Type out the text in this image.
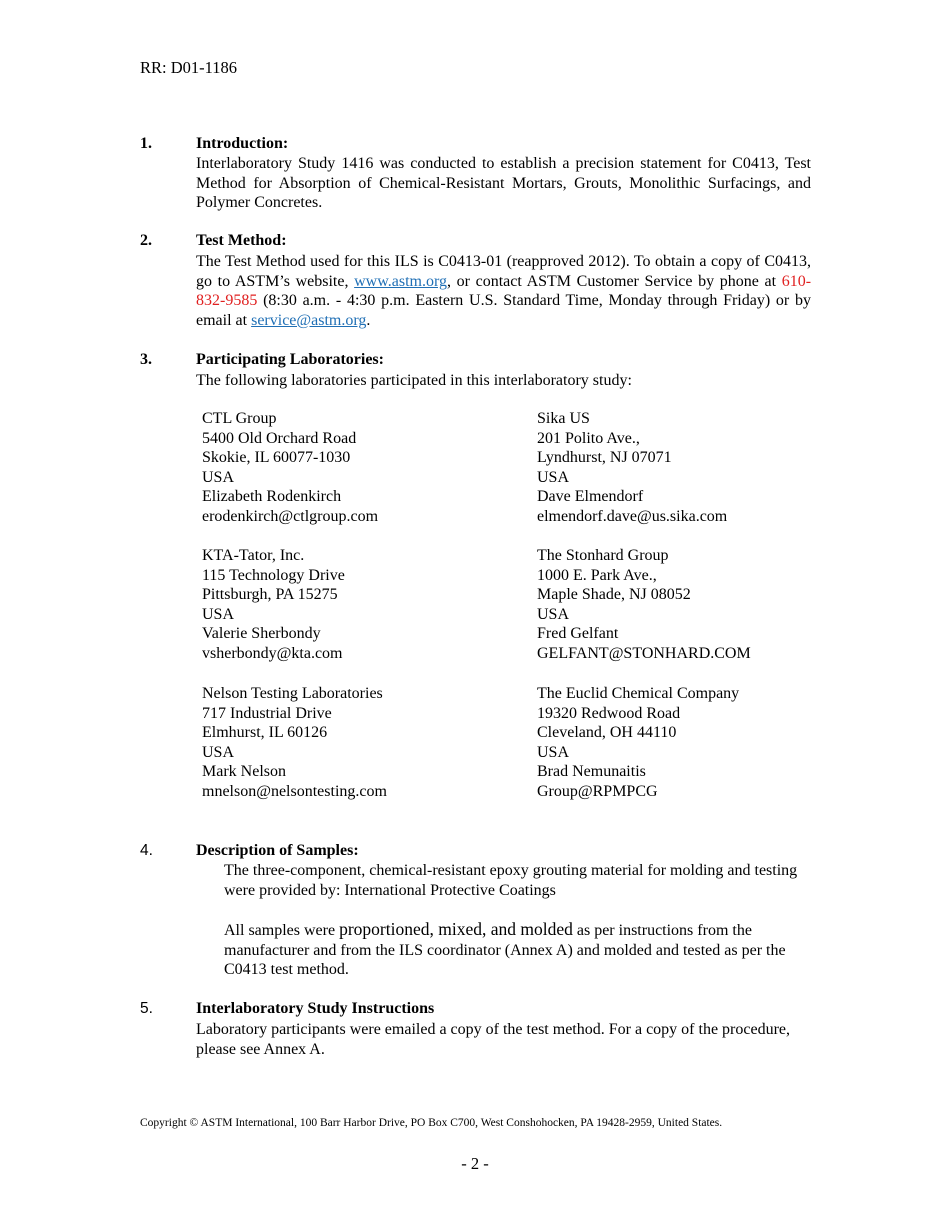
RR: D01-1186
1.	Introduction:
Interlaboratory Study 1416 was conducted to establish a precision statement for C0413, Test Method for Absorption of Chemical-Resistant Mortars, Grouts, Monolithic Surfacings, and Polymer Concretes.
2.	Test Method:
The Test Method used for this ILS is C0413-01 (reapproved 2012). To obtain a copy of C0413, go to ASTM’s website, www.astm.org, or contact ASTM Customer Service by phone at 610-832-9585 (8:30 a.m. - 4:30 p.m. Eastern U.S. Standard Time, Monday through Friday) or by email at service@astm.org.
3.	Participating Laboratories:
The following laboratories participated in this interlaboratory study:
CTL Group
5400 Old Orchard Road
Skokie, IL 60077-1030
USA
Elizabeth Rodenkirch
erodenkirch@ctlgroup.com
Sika US
201 Polito Ave.,
Lyndhurst, NJ 07071
USA
Dave Elmendorf
elmendorf.dave@us.sika.com
KTA-Tator, Inc.
115 Technology Drive
Pittsburgh, PA 15275
USA
Valerie Sherbondy
vsherbondy@kta.com
The Stonhard Group
1000 E. Park Ave.,
Maple Shade, NJ 08052
USA
Fred Gelfant
GELFANT@STONHARD.COM
Nelson Testing Laboratories
717 Industrial Drive
Elmhurst, IL 60126
USA
Mark Nelson
mnelson@nelsontesting.com
The Euclid Chemical Company
19320 Redwood Road
Cleveland, OH 44110
USA
Brad Nemunaitis
Group@RPMPCG
4.	Description of Samples:
The three-component, chemical-resistant epoxy grouting material for molding and testing were provided by: International Protective Coatings
All samples were proportioned, mixed, and molded as per instructions from the manufacturer and from the ILS coordinator (Annex A) and molded and tested as per the C0413 test method.
5.	Interlaboratory Study Instructions
Laboratory participants were emailed a copy of the test method. For a copy of the procedure, please see Annex A.
Copyright © ASTM International, 100 Barr Harbor Drive, PO Box C700, West Conshohocken, PA 19428-2959, United States.
- 2 -
